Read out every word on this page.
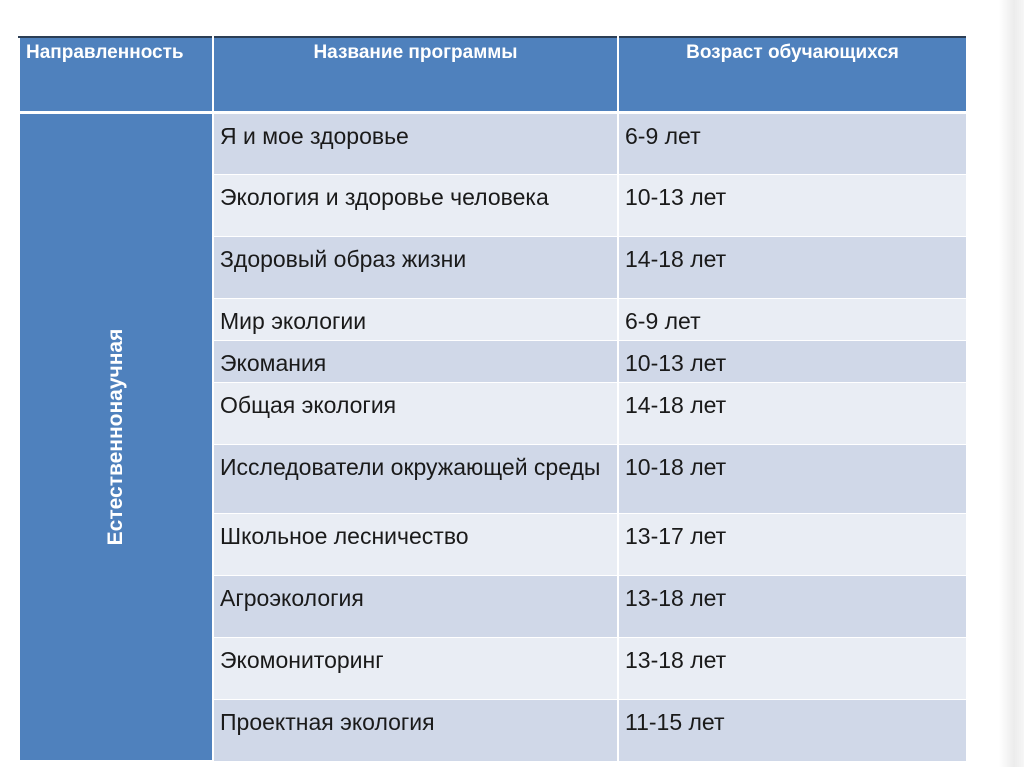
Направленность	Название программы	Возраст обучающихся

Естественнонаучная	Я и мое здоровье	6-9 лет
	Экология и здоровье человека	10-13 лет
	Здоровый образ жизни	14-18 лет
	Мир экологии	6-9 лет
	Экомания	10-13 лет
	Общая экология	14-18 лет
	Исследователи окружающей среды	10-18 лет
	Школьное лесничество	13-17 лет
	Агроэкология	13-18 лет
	Экомониторинг	13-18 лет
	Проектная экология	11-15 лет
